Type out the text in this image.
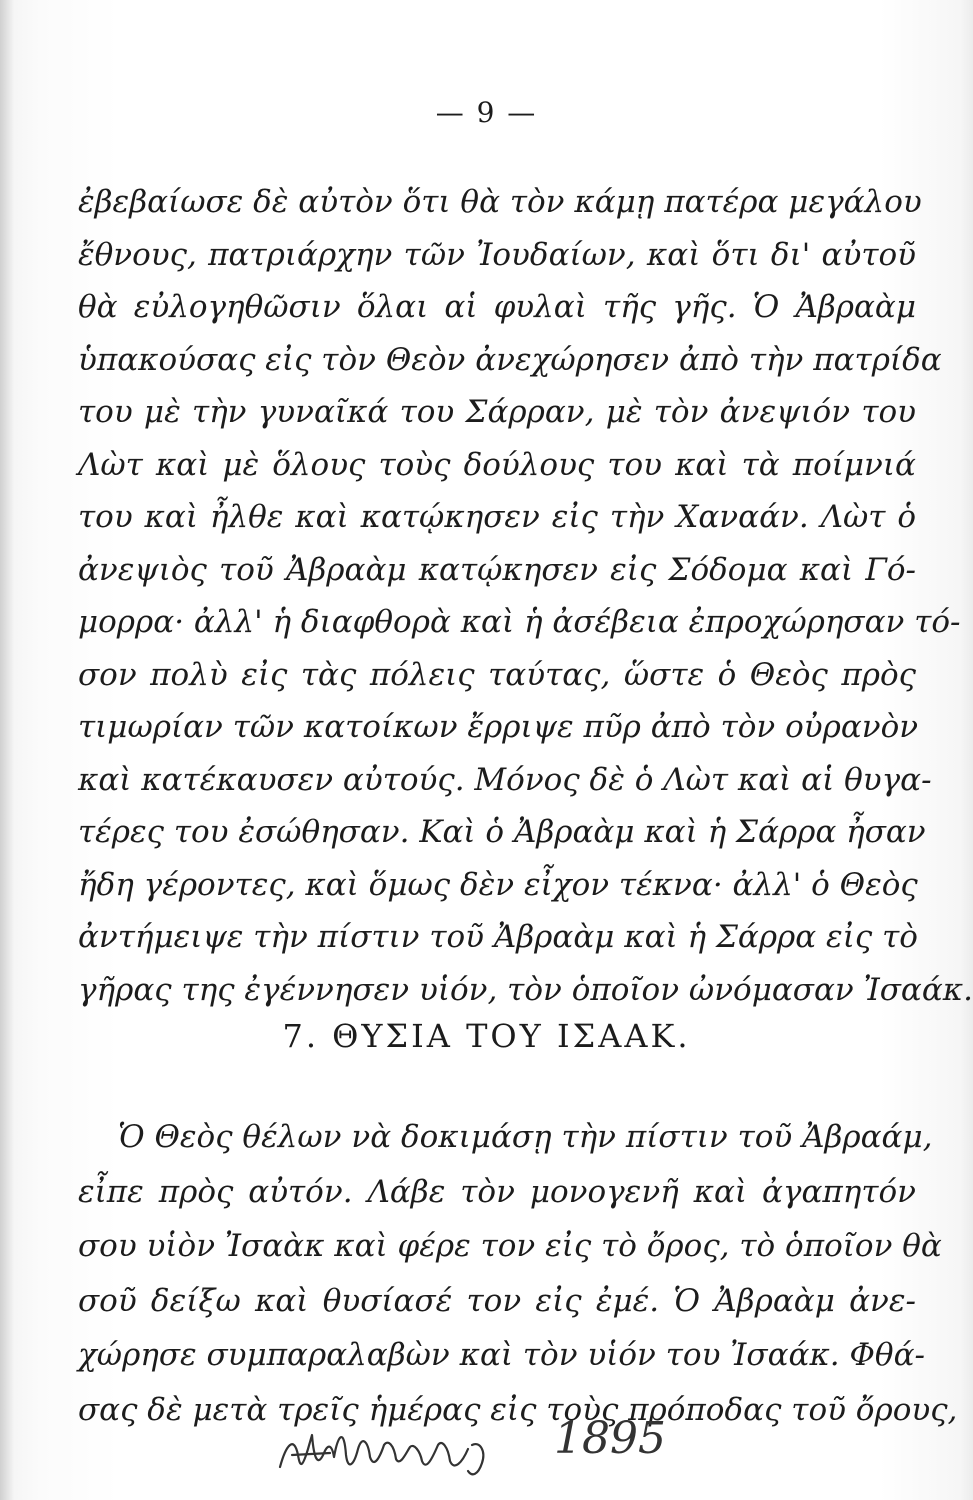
— 9 —
ἐβεβαίωσε δὲ αὐτὸν ὅτι θὰ τὸν κάμῃ πατέρα μεγάλου
ἔθνους, πατριάρχην τῶν Ἰουδαίων, καὶ ὅτι δι' αὐτοῦ
θὰ εὐλογηθῶσιν ὅλαι αἱ φυλαὶ τῆς γῆς. Ὁ Ἀβραὰμ
ὑπακούσας εἰς τὸν Θεὸν ἀνεχώρησεν ἀπὸ τὴν πατρίδα
του μὲ τὴν γυναῖκά του Σάρραν, μὲ τὸν ἀνεψιόν του
Λὼτ καὶ μὲ ὅλους τοὺς δούλους του καὶ τὰ ποίμνιά
του καὶ ἦλθε καὶ κατῴκησεν εἰς τὴν Χαναάν. Λὼτ ὁ
ἀνεψιὸς τοῦ Ἀβραὰμ κατῴκησεν εἰς Σόδομα καὶ Γό-
μορρα· ἀλλ' ἡ διαφθορὰ καὶ ἡ ἀσέβεια ἐπροχώρησαν τό-
σον πολὺ εἰς τὰς πόλεις ταύτας, ὥστε ὁ Θεὸς πρὸς
τιμωρίαν τῶν κατοίκων ἔρριψε πῦρ ἀπὸ τὸν οὐρανὸν
καὶ κατέκαυσεν αὐτούς. Μόνος δὲ ὁ Λὼτ καὶ αἱ θυγα-
τέρες του ἐσώθησαν. Καὶ ὁ Ἀβραὰμ καὶ ἡ Σάρρα ἦσαν
ἤδη γέροντες, καὶ ὅμως δὲν εἶχον τέκνα· ἀλλ' ὁ Θεὸς
ἀντήμειψε τὴν πίστιν τοῦ Ἀβραὰμ καὶ ἡ Σάρρα εἰς τὸ
γῆρας της ἐγέννησεν υἱόν, τὸν ὁποῖον ὠνόμασαν Ἰσαάκ.
7. ΘΥΣΙΑ ΤΟΥ ΙΣΑΑΚ.
Ὁ Θεὸς θέλων νὰ δοκιμάσῃ τὴν πίστιν τοῦ Ἀβραάμ,
εἶπε πρὸς αὐτόν. Λάβε τὸν μονογενῆ καὶ ἀγαπητόν
σου υἱὸν Ἰσαὰκ καὶ φέρε τον εἰς τὸ ὄρος, τὸ ὁποῖον θὰ
σοῦ δείξω καὶ θυσίασέ τον εἰς ἐμέ. Ὁ Ἀβραὰμ ἀνε-
χώρησε συμπαραλαβὼν καὶ τὸν υἱόν του Ἰσαάκ. Φθά-
σας δὲ μετὰ τρεῖς ἡμέρας εἰς τοὺς πρόποδας τοῦ ὄρους,
1895
